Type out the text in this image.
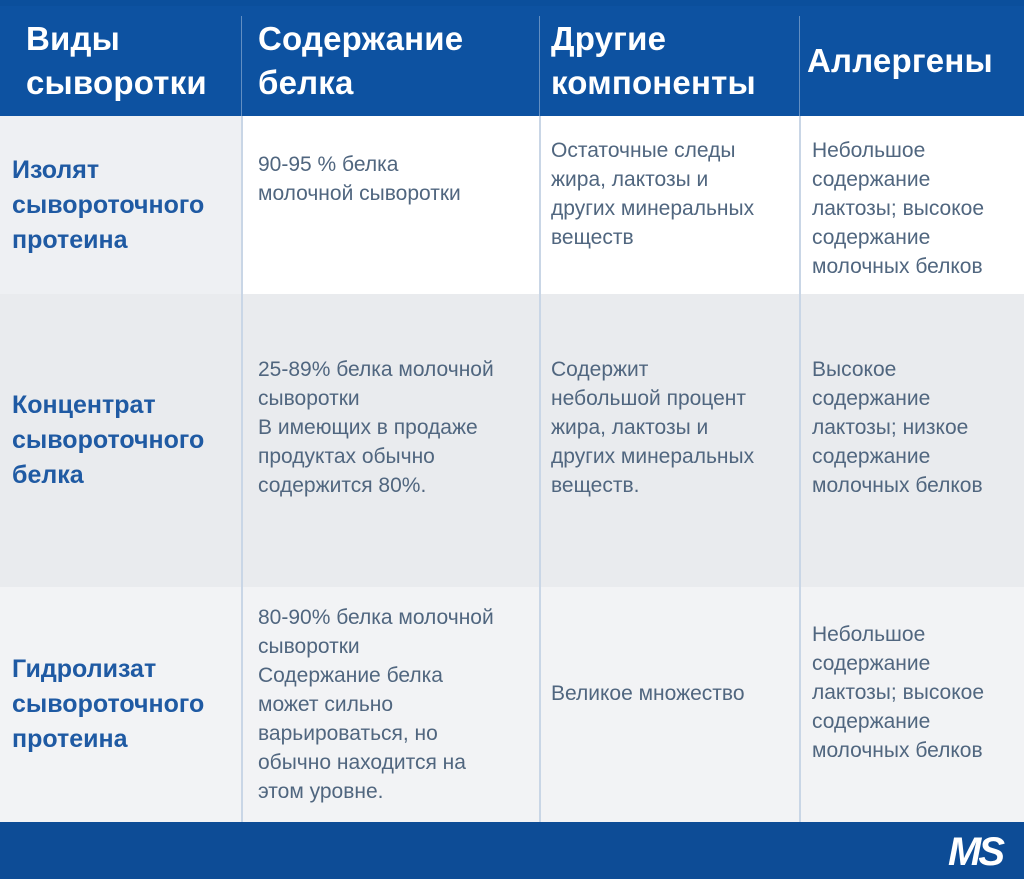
Виды
сыворотки
Содержание
белка
Другие
компоненты
Аллергены
Изолят
сывороточного
протеина
90-95 % белка
молочной сыворотки
Остаточные следы
жира, лактозы и
других минеральных
веществ
Небольшое
содержание
лактозы; высокое
содержание
молочных белков
Концентрат
сывороточного
белка
25-89% белка молочной
сыворотки
В имеющих в продаже
продуктах обычно
содержится 80%.
Содержит
небольшой процент
жира, лактозы и
других минеральных
веществ.
Высокое
содержание
лактозы; низкое
содержание
молочных белков
Гидролизат
сывороточного
протеина
80-90% белка молочной
сыворотки
Содержание белка
может сильно
варьироваться, но
обычно находится на
этом уровне.
Великое множество
Небольшое
содержание
лактозы; высокое
содержание
молочных белков
MS
